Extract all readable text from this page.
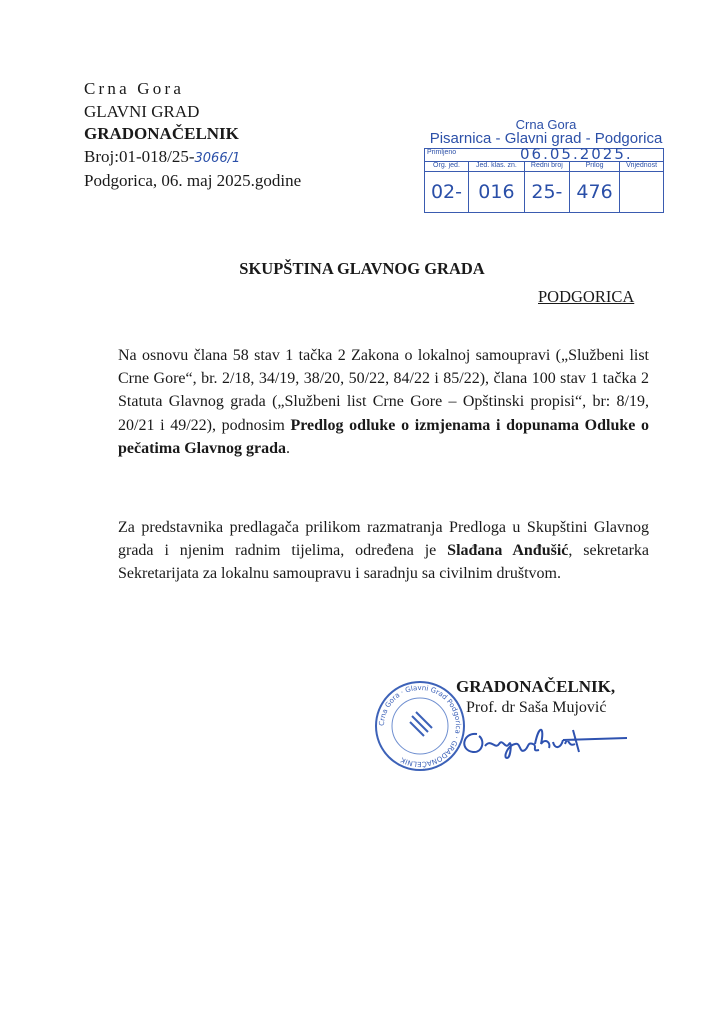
Crna Gora
GLAVNI GRAD
GRADONAČELNIK
Broj:01-018/25-3066/1
Podgorica, 06. maj 2025.godine
Crna Gora
Pisarnica - Glavni grad - Podgorica
Primljeno 06.05.2025.				

Org. jed.	Jed. klas. zn.	Redni broj	Prilog	Vrijednost
02-	016	25-	476	
SKUPŠTINA GLAVNOG GRADA
PODGORICA
Na osnovu člana 58 stav 1 tačka 2 Zakona o lokalnoj samoupravi („Službeni list Crne Gore“, br. 2/18, 34/19, 38/20, 50/22, 84/22 i 85/22), člana 100 stav 1 tačka 2 Statuta Glavnog grada („Službeni list Crne Gore – Opštinski propisi“, br: 8/19, 20/21 i 49/22), podnosim Predlog odluke o izmjenama i dopunama Odluke o pečatima Glavnog grada.
Za predstavnika predlagača prilikom razmatranja Predloga u Skupštini Glavnog grada i njenim radnim tijelima, određena je Slađana Anđušić, sekretarka Sekretarijata za lokalnu samoupravu i saradnju sa civilnim društvom.
Crna Gora · Glavni Grad Podgorica · GRADONAČELNIK
GRADONAČELNIK,
Prof. dr Saša Mujović
